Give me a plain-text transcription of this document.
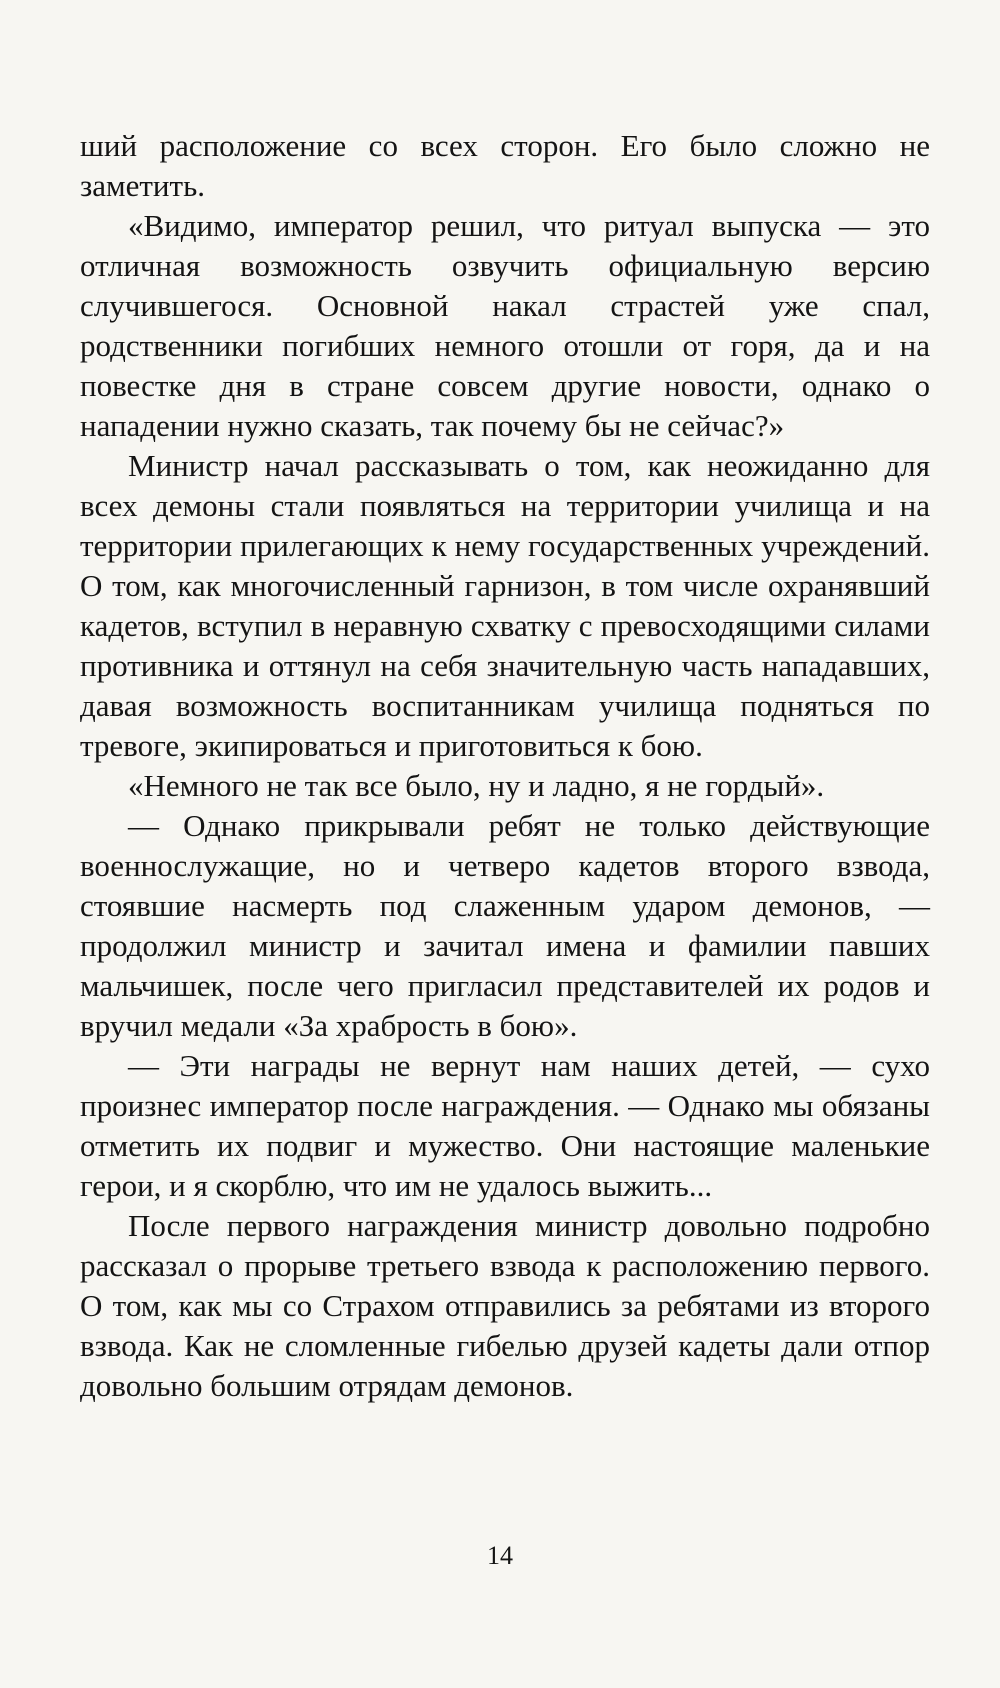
ший расположение со всех сторон. Его было сложно не заметить.

«Видимо, император решил, что ритуал выпуска — это отличная возможность озвучить официальную версию случившегося. Основной накал страстей уже спал, родственники погибших немного отошли от горя, да и на повестке дня в стране совсем другие новости, однако о нападении нужно сказать, так почему бы не сейчас?»

Министр начал рассказывать о том, как неожиданно для всех демоны стали появляться на территории училища и на территории прилегающих к нему государственных учреждений. О том, как многочисленный гарнизон, в том числе охранявший кадетов, вступил в неравную схватку с превосходящими силами противника и оттянул на себя значительную часть нападавших, давая возможность воспитанникам училища подняться по тревоге, экипироваться и приготовиться к бою.

«Немного не так все было, ну и ладно, я не гордый».

— Однако прикрывали ребят не только действующие военнослужащие, но и четверо кадетов второго взвода, стоявшие насмерть под слаженным ударом демонов, — продолжил министр и зачитал имена и фамилии павших мальчишек, после чего пригласил представителей их родов и вручил медали «За храбрость в бою».

— Эти награды не вернут нам наших детей, — сухо произнес император после награждения. — Однако мы обязаны отметить их подвиг и мужество. Они настоящие маленькие герои, и я скорблю, что им не удалось выжить...

После первого награждения министр довольно подробно рассказал о прорыве третьего взвода к расположению первого. О том, как мы со Страхом отправились за ребятами из второго взвода. Как не сломленные гибелью друзей кадеты дали отпор довольно большим отрядам демонов.

14
